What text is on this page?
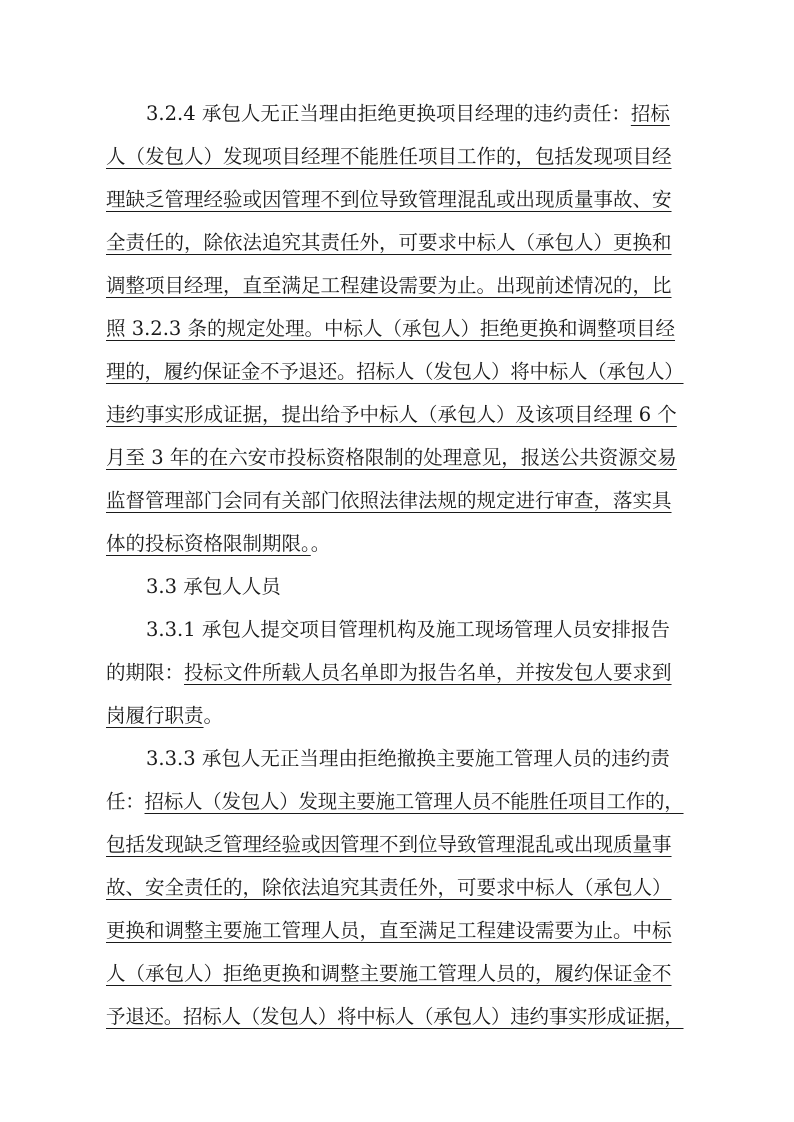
3.2.4 承包人无正当理由拒绝更换项目经理的违约责任：招标
人（发包人）发现项目经理不能胜任项目工作的，包括发现项目经
理缺乏管理经验或因管理不到位导致管理混乱或出现质量事故、安
全责任的，除依法追究其责任外，可要求中标人（承包人）更换和
调整项目经理，直至满足工程建设需要为止。出现前述情况的，比
照 3.2.3 条的规定处理。中标人（承包人）拒绝更换和调整项目经
理的，履约保证金不予退还。招标人（发包人）将中标人（承包人）
违约事实形成证据，提出给予中标人（承包人）及该项目经理 6 个
月至 3 年的在六安市投标资格限制的处理意见，报送公共资源交易
监督管理部门会同有关部门依照法律法规的规定进行审查，落实具
体的投标资格限制期限。。
3.3 承包人人员
3.3.1 承包人提交项目管理机构及施工现场管理人员安排报告
的期限：投标文件所载人员名单即为报告名单，并按发包人要求到
岗履行职责。
3.3.3 承包人无正当理由拒绝撤换主要施工管理人员的违约责
任：招标人（发包人）发现主要施工管理人员不能胜任项目工作的，
包括发现缺乏管理经验或因管理不到位导致管理混乱或出现质量事
故、安全责任的，除依法追究其责任外，可要求中标人（承包人）
更换和调整主要施工管理人员，直至满足工程建设需要为止。中标
人（承包人）拒绝更换和调整主要施工管理人员的，履约保证金不
予退还。招标人（发包人）将中标人（承包人）违约事实形成证据，
